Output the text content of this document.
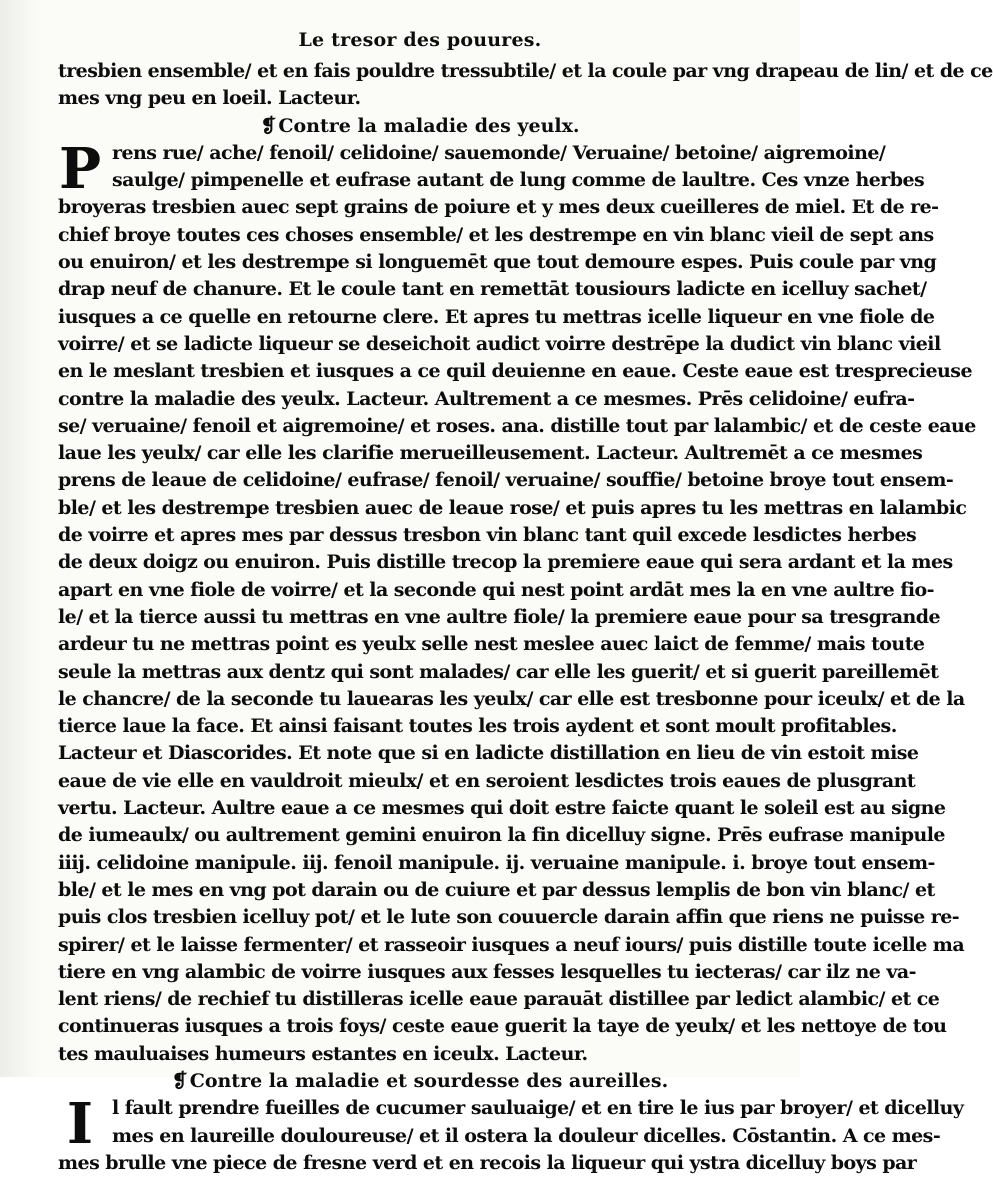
Le tresor des pouures.
tresbien ensemble/ et en fais pouldre tressubtile/ et la coule par vng drapeau de lin/ et de ce
mes vng peu en loeil. Lacteur.
❡ Contre la maladie des yeulx.
P rens rue/ ache/ fenoil/ celidoine/ sauemonde/ Veruaine/ betoine/ aigremoine/
saulge/ pimpenelle et eufrase autant de lung comme de laultre. Ces vnze herbes
broyeras tresbien auec sept grains de poiure et y mes deux cueilleres de miel. Et de re-
chief broye toutes ces choses ensemble/ et les destrempe en vin blanc vieil de sept ans
ou enuiron/ et les destrempe si longuemēt que tout demoure espes. Puis coule par vng
drap neuf de chanure. Et le coule tant en remettāt tousiours ladicte en icelluy sachet/
iusques a ce quelle en retourne clere. Et apres tu mettras icelle liqueur en vne fiole de
voirre/ et se ladicte liqueur se deseichoit audict voirre destrēpe la dudict vin blanc vieil
en le meslant tresbien et iusques a ce quil deuienne en eaue. Ceste eaue est tresprecieuse
contre la maladie des yeulx. Lacteur. Aultrement a ce mesmes. Prēs celidoine/ eufra-
se/ veruaine/ fenoil et aigremoine/ et roses. ana. distille tout par lalambic/ et de ceste eaue
laue les yeulx/ car elle les clarifie merueilleusement. Lacteur. Aultremēt a ce mesmes
prens de leaue de celidoine/ eufrase/ fenoil/ veruaine/ souffie/ betoine broye tout ensem-
ble/ et les destrempe tresbien auec de leaue rose/ et puis apres tu les mettras en lalambic
de voirre et apres mes par dessus tresbon vin blanc tant quil excede lesdictes herbes
de deux doigz ou enuiron. Puis distille trecop la premiere eaue qui sera ardant et la mes
apart en vne fiole de voirre/ et la seconde qui nest point ardāt mes la en vne aultre fio-
le/ et la tierce aussi tu mettras en vne aultre fiole/ la premiere eaue pour sa tresgrande
ardeur tu ne mettras point es yeulx selle nest meslee auec laict de femme/ mais toute
seule la mettras aux dentz qui sont malades/ car elle les guerit/ et si guerit pareillemēt
le chancre/ de la seconde tu lauearas les yeulx/ car elle est tresbonne pour iceulx/ et de la
tierce laue la face. Et ainsi faisant toutes les trois aydent et sont moult profitables.
Lacteur et Diascorides. Et note que si en ladicte distillation en lieu de vin estoit mise
eaue de vie elle en vauldroit mieulx/ et en seroient lesdictes trois eaues de plusgrant
vertu. Lacteur. Aultre eaue a ce mesmes qui doit estre faicte quant le soleil est au signe
de iumeaulx/ ou aultrement gemini enuiron la fin dicelluy signe. Prēs eufrase manipule
iiij. celidoine manipule. iij. fenoil manipule. ij. veruaine manipule. i. broye tout ensem-
ble/ et le mes en vng pot darain ou de cuiure et par dessus lemplis de bon vin blanc/ et
puis clos tresbien icelluy pot/ et le lute son couuercle darain affin que riens ne puisse re-
spirer/ et le laisse fermenter/ et rasseoir iusques a neuf iours/ puis distille toute icelle ma
tiere en vng alambic de voirre iusques aux fesses lesquelles tu iecteras/ car ilz ne va-
lent riens/ de rechief tu distilleras icelle eaue parauāt distillee par ledict alambic/ et ce
continueras iusques a trois foys/ ceste eaue guerit la taye de yeulx/ et les nettoye de tou
tes mauluaises humeurs estantes en iceulx. Lacteur.
❡ Contre la maladie et sourdesse des aureilles.
I l fault prendre fueilles de cucumer sauluaige/ et en tire le ius par broyer/ et dicelluy
mes en laureille douloureuse/ et il ostera la douleur dicelles. Cōstantin. A ce mes-
mes brulle vne piece de fresne verd et en recois la liqueur qui ystra dicelluy boys par
